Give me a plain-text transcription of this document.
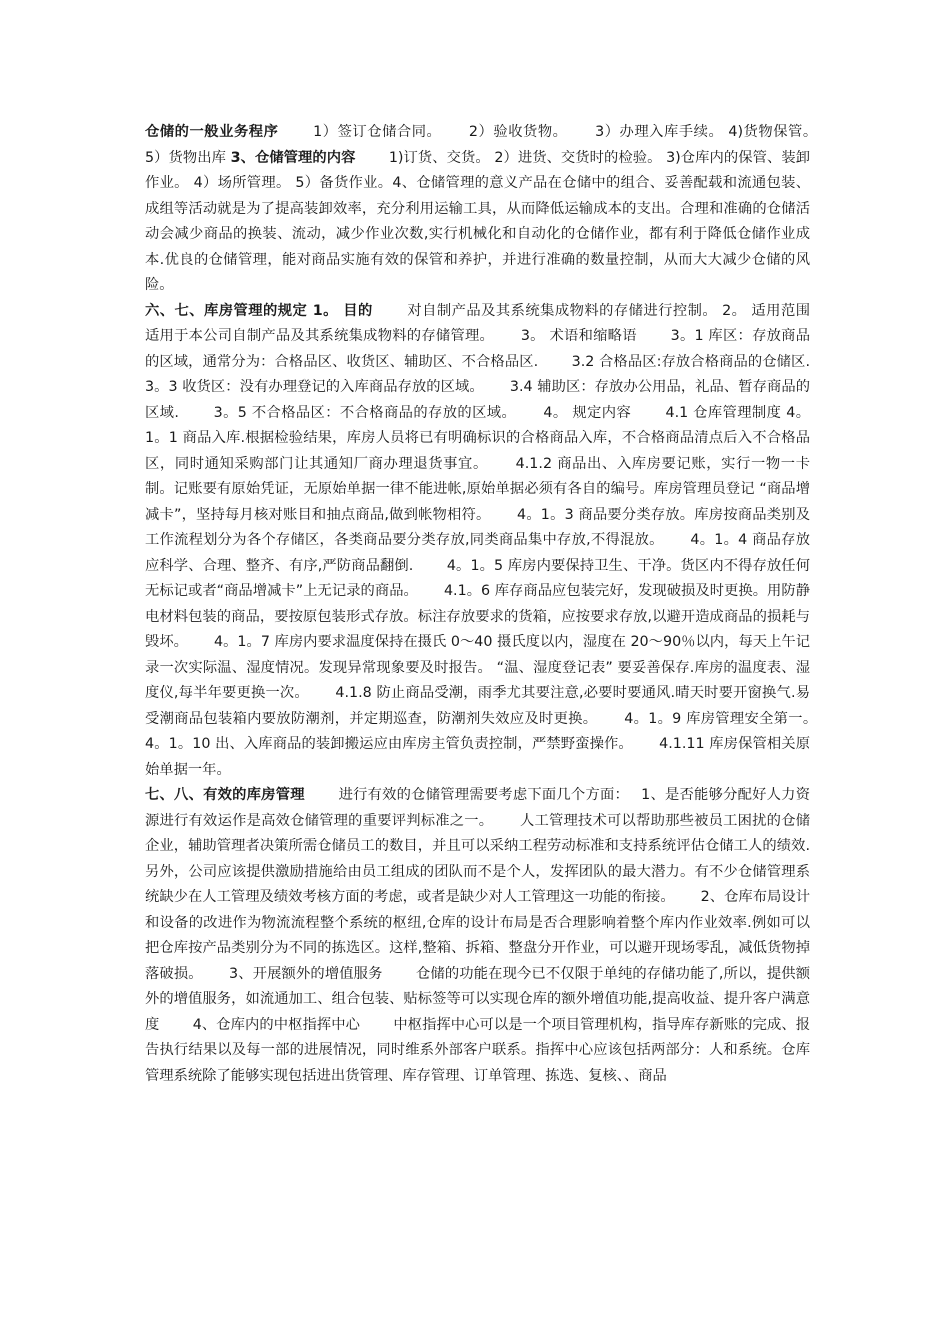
仓储的一般业务程序　　 1）签订仓储合同。　　 2）验收货物。　　 3）办理入库手续。 4)货物保管。　　 5）货物出库 3、仓储管理的内容　　 1)订货、交货。 2）进货、交货时的检验。 3)仓库内的保管、装卸作业。 4）场所管理。 5）备货作业。4、仓储管理的意义产品在仓储中的组合、妥善配载和流通包装、成组等活动就是为了提高装卸效率，充分利用运输工具，从而降低运输成本的支出。合理和准确的仓储活动会减少商品的换装、流动，减少作业次数,实行机械化和自动化的仓储作业，都有利于降低仓储作业成本.优良的仓储管理，能对商品实施有效的保管和养护，并进行准确的数量控制，从而大大减少仓储的风险。

六、七、库房管理的规定 1。 目的　　 对自制产品及其系统集成物料的存储进行控制。 2。 适用范围　　 适用于本公司自制产品及其系统集成物料的存储管理。　　 3。 术语和缩略语　　 3。1 库区：存放商品的区域，通常分为：合格品区、收货区、辅助区、不合格品区.　　 3.2 合格品区:存放合格商品的仓储区.　　 3。3 收货区：没有办理登记的入库商品存放的区域。　　 3.4 辅助区：存放办公用品，礼品、暂存商品的区域.　　 3。5 不合格品区：不合格商品的存放的区域。　　 4。 规定内容　　 4.1 仓库管理制度 4。1。1 商品入库.根据检验结果，库房人员将已有明确标识的合格商品入库，不合格商品清点后入不合格品区，同时通知采购部门让其通知厂商办理退货事宜。　　 4.1.2 商品出、入库房要记账，实行一物一卡制。记账要有原始凭证，无原始单据一律不能进帐,原始单据必须有各自的编号。库房管理员登记 “商品增减卡”，坚持每月核对账目和抽点商品,做到帐物相符。　　 4。1。3 商品要分类存放。库房按商品类别及工作流程划分为各个存储区，各类商品要分类存放,同类商品集中存放,不得混放。　　 4。1。4 商品存放应科学、合理、整齐、有序,严防商品翻倒.　　 4。1。5 库房内要保持卫生、干净。货区内不得存放任何无标记或者“商品增减卡”上无记录的商品。　　 4.1。6 库存商品应包装完好，发现破损及时更换。用防静电材料包装的商品，要按原包装形式存放。标注存放要求的货箱，应按要求存放,以避开造成商品的损耗与毁坏。　　 4。1。7 库房内要求温度保持在摄氏 0～40 摄氏度以内，湿度在 20～90％以内，每天上午记录一次实际温、湿度情况。发现异常现象要及时报告。 “温、湿度登记表” 要妥善保存.库房的温度表、湿度仪,每半年要更换一次。　　 4.1.8 防止商品受潮，雨季尤其要注意,必要时要通风.晴天时要开窗换气.易受潮商品包装箱内要放防潮剂，并定期巡查，防潮剂失效应及时更换。　　 4。1。9 库房管理安全第一。　　 4。1。10 出、入库商品的装卸搬运应由库房主管负责控制，严禁野蛮操作。　　 4.1.11 库房保管相关原始单据一年。

七、八、有效的库房管理　　 进行有效的仓储管理需要考虑下面几个方面：　 1、是否能够分配好人力资源进行有效运作是高效仓储管理的重要评判标准之一。　　 人工管理技术可以帮助那些被员工困扰的仓储企业，辅助管理者决策所需仓储员工的数目，并且可以采纳工程劳动标准和支持系统评估仓储工人的绩效.另外，公司应该提供激励措施给由员工组成的团队而不是个人，发挥团队的最大潜力。有不少仓储管理系统缺少在人工管理及绩效考核方面的考虑，或者是缺少对人工管理这一功能的衔接。　　 2、仓库布局设计和设备的改进作为物流流程整个系统的枢纽,仓库的设计布局是否合理影响着整个库内作业效率.例如可以把仓库按产品类别分为不同的拣选区。这样,整箱、拆箱、整盘分开作业，可以避开现场零乱，减低货物掉落破损。　　 3、开展额外的增值服务　　 仓储的功能在现今已不仅限于单纯的存储功能了,所以，提供额外的增值服务，如流通加工、组合包装、贴标签等可以实现仓库的额外增值功能,提高收益、提升客户满意度　　 4、仓库内的中枢指挥中心　　 中枢指挥中心可以是一个项目管理机构，指导库存新账的完成、报告执行结果以及每一部的进展情况，同时维系外部客户联系。指挥中心应该包括两部分：人和系统。仓库管理系统除了能够实现包括进出货管理、库存管理、订单管理、拣选、复核、、商品
